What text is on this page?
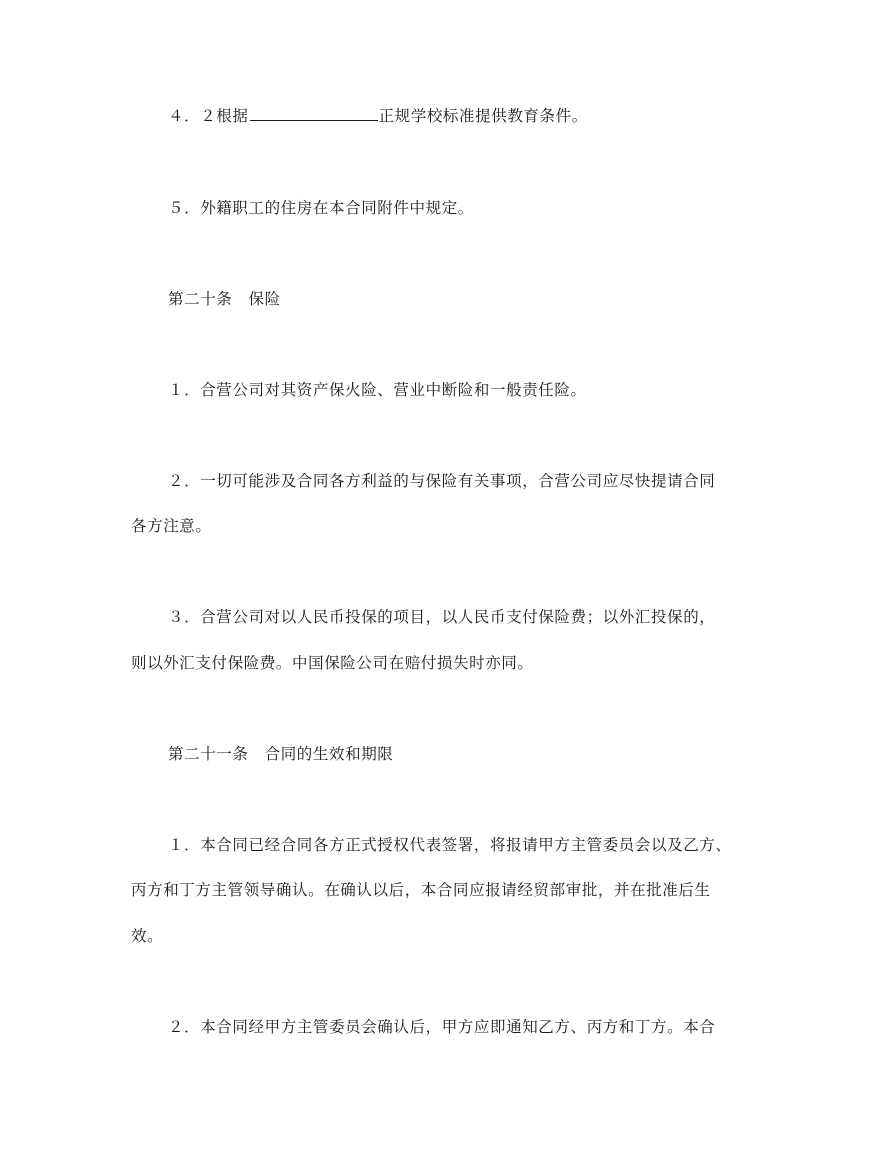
４．２根据	正规学校标准提供教育条件。
５．外籍职工的住房在本合同附件中规定。
第二十条　保险
１．合营公司对其资产保火险、营业中断险和一般责任险。
２．一切可能涉及合同各方利益的与保险有关事项，合营公司应尽快提请合同
各方注意。
３．合营公司对以人民币投保的项目，以人民币支付保险费；以外汇投保的，
则以外汇支付保险费。中国保险公司在赔付损失时亦同。
第二十一条　合同的生效和期限
１．本合同已经合同各方正式授权代表签署，将报请甲方主管委员会以及乙方、
丙方和丁方主管领导确认。在确认以后，本合同应报请经贸部审批，并在批准后生
效。
２．本合同经甲方主管委员会确认后，甲方应即通知乙方、丙方和丁方。本合
